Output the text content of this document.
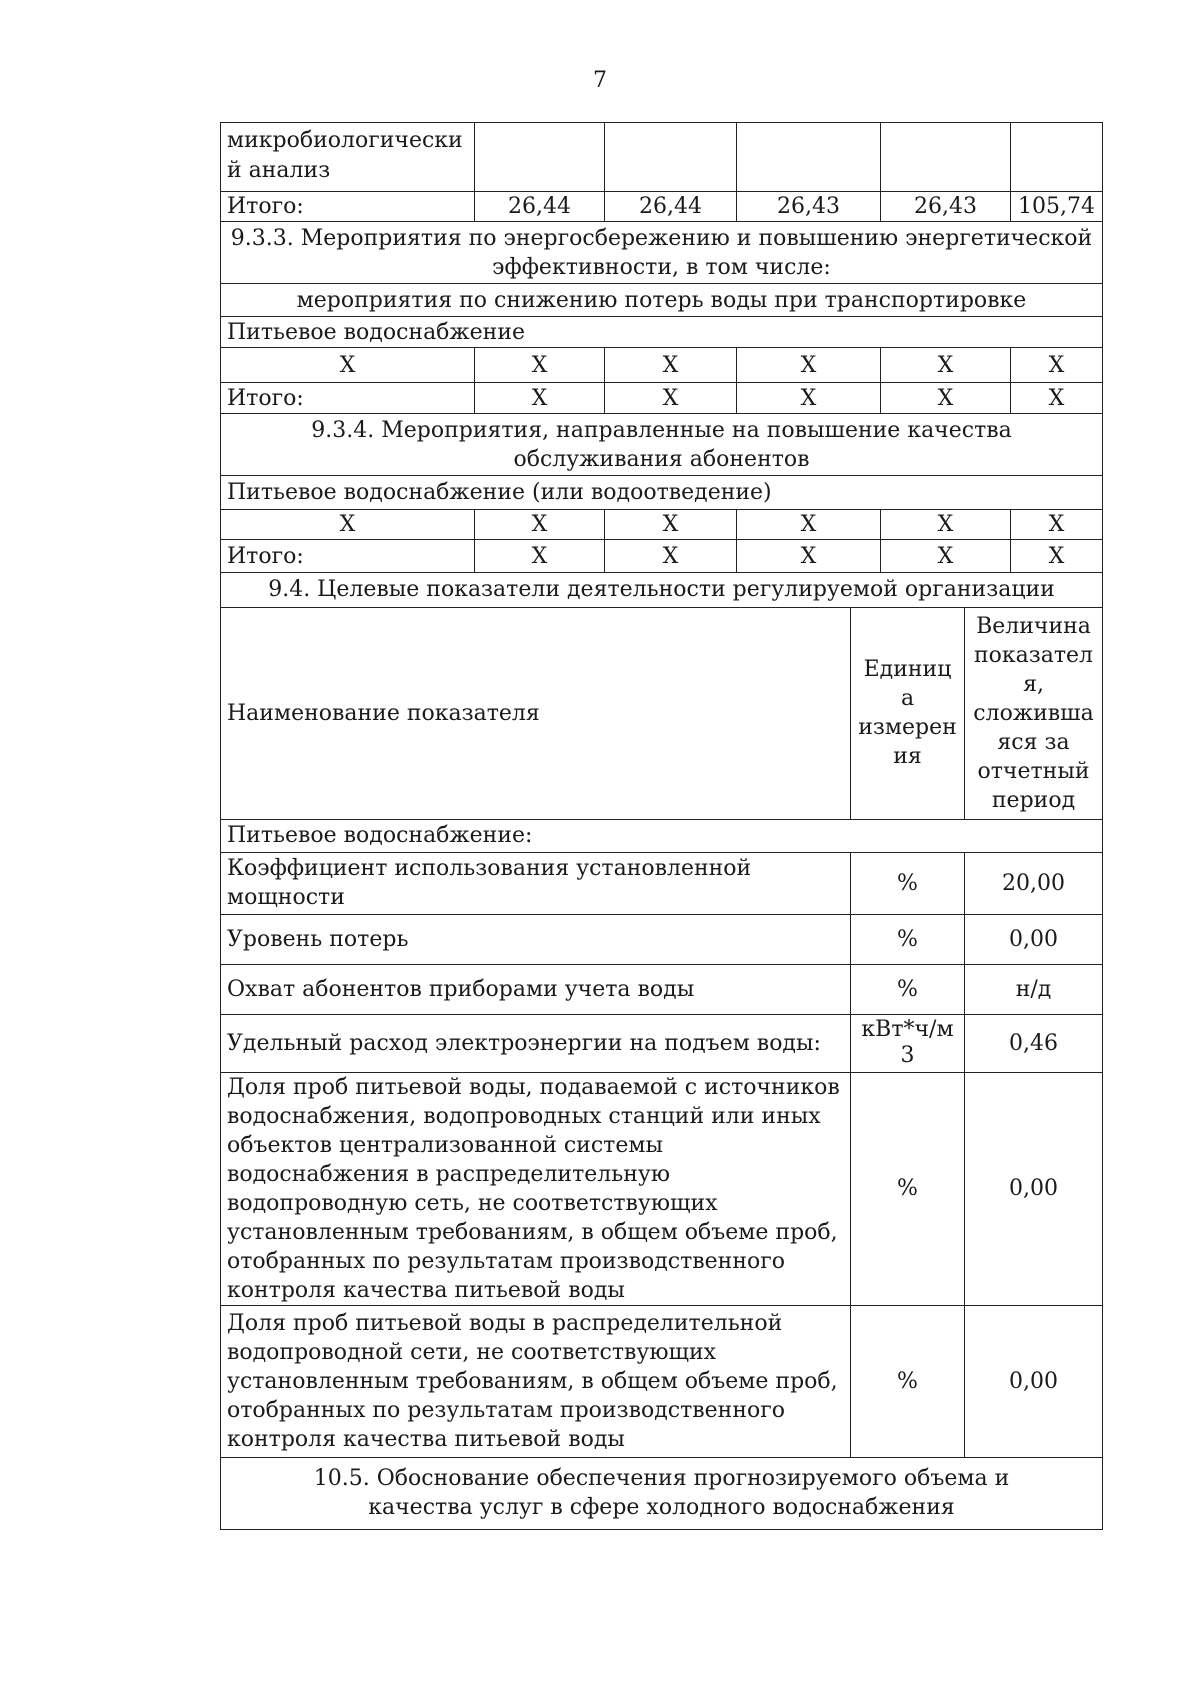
7
микробиологически й анализ					
Итого:	26,44	26,44	26,43	26,43	105,74
9.3.3. Мероприятия по энергосбережению и повышению энергетической эффективности, в том числе:					
мероприятия по снижению потерь воды при транспортировке					
Питьевое водоснабжение					
X	X	X	X	X	X
Итого:	X	X	X	X	X
9.3.4. Мероприятия, направленные на повышение качества обслуживания абонентов					
Питьевое водоснабжение (или водоотведение)					
X	X	X	X	X	X
Итого:	X	X	X	X	X
9.4. Целевые показатели деятельности регулируемой организации		
Наименование показателя	Единиц а измерен ия	Величина показател я, сложивша яся за отчетный период
Питьевое водоснабжение:		
Коэффициент использования установленной мощности	%	20,00
Уровень потерь	%	0,00
Охват абонентов приборами учета воды	%	н/д
Удельный расход электроэнергии на подъем воды:	кВт*ч/м 3	0,46
Доля проб питьевой воды, подаваемой с источников водоснабжения, водопроводных станций или иных объектов централизованной системы водоснабжения в распределительную водопроводную сеть, не соответствующих установленным требованиям, в общем объеме проб, отобранных по результатам производственного контроля качества питьевой воды	%	0,00
Доля проб питьевой воды в распределительной водопроводной сети, не соответствующих установленным требованиям, в общем объеме проб, отобранных по результатам производственного контроля качества питьевой воды	%	0,00
10.5. Обоснование обеспечения прогнозируемого объема и качества услуг в сфере холодного водоснабжения		
